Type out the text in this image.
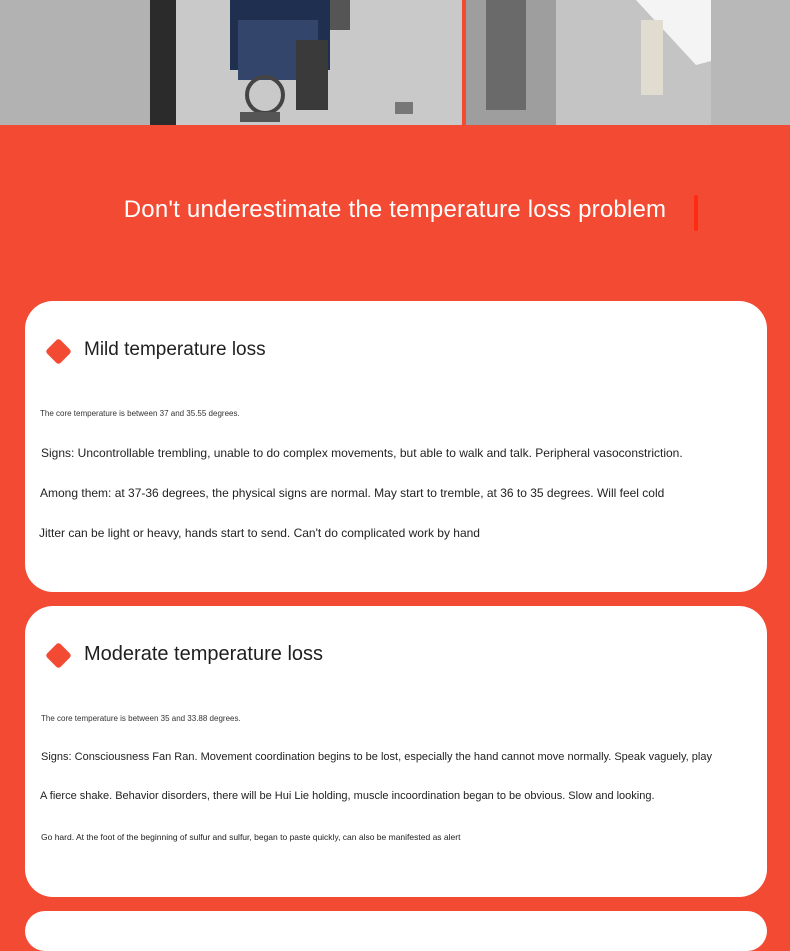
Don't underestimate the temperature loss problem
Mild temperature loss
The core temperature is between 37 and 35.55 degrees.
Signs: Uncontrollable trembling, unable to do complex movements, but able to walk and talk. Peripheral vasoconstriction.
Among them: at 37-36 degrees, the physical signs are normal. May start to tremble, at 36 to 35 degrees. Will feel cold
Jitter can be light or heavy, hands start to send. Can't do complicated work by hand
Moderate temperature loss
The core temperature is between 35 and 33.88 degrees.
Signs: Consciousness Fan Ran. Movement coordination begins to be lost, especially the hand cannot move normally. Speak vaguely, play
A fierce shake. Behavior disorders, there will be Hui Lie holding, muscle incoordination began to be obvious. Slow and looking.
Go hard. At the foot of the beginning of sulfur and sulfur, began to paste quickly, can also be manifested as alert
